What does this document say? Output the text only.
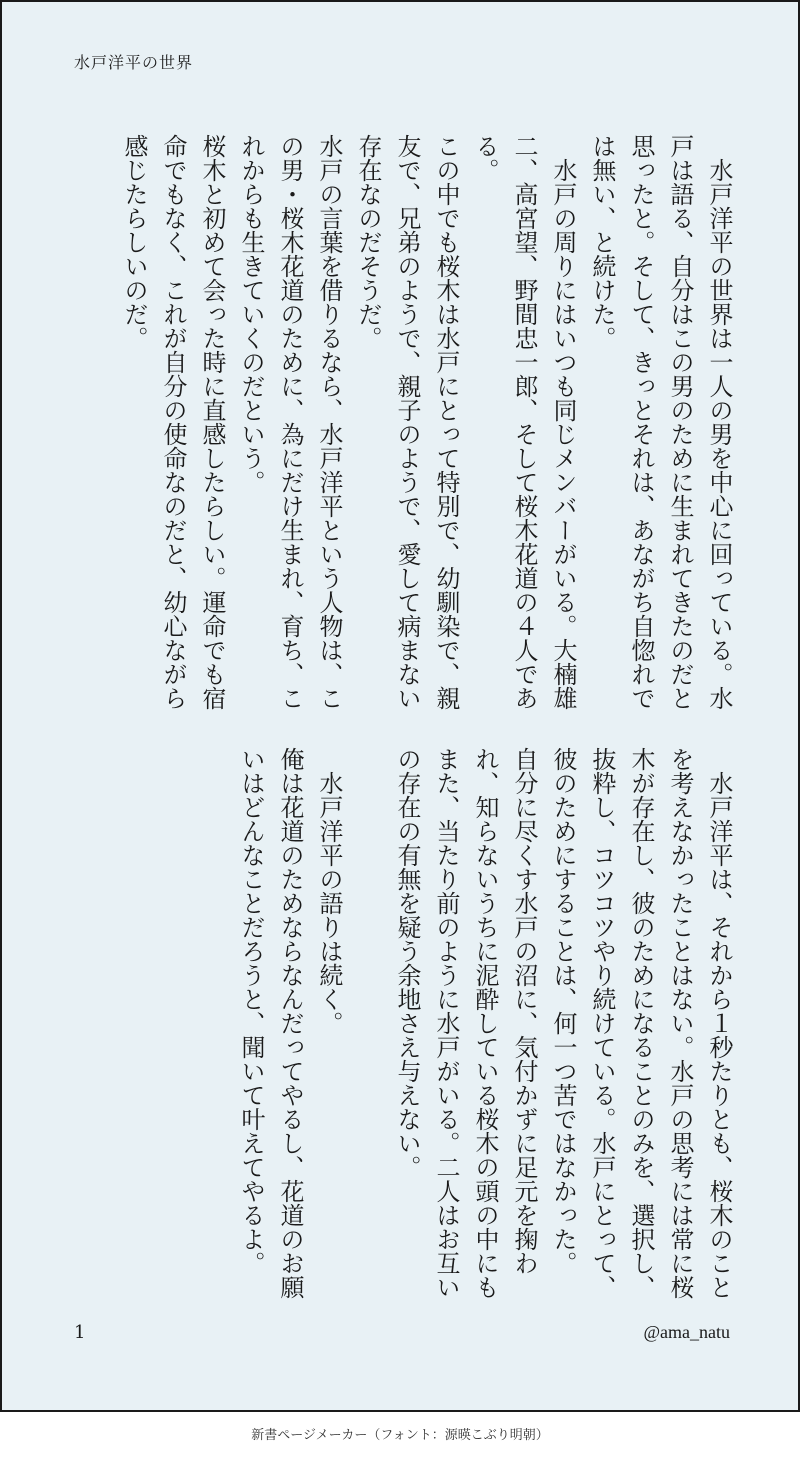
水戸洋平の世界

水戸洋平の世界は一人の男を中心に回っている。水戸は語る、自分はこの男のために生まれてきたのだと思ったと。そして、きっとそれは、あながち自惚れでは無い、と続けた。

水戸の周りにはいつも同じメンバーがいる。大楠雄二、高宮望、野間忠一郎、そして桜木花道の４人である。

この中でも桜木は水戸にとって特別で、幼馴染で、親友で、兄弟のようで、親子のようで、愛して病まない存在なのだそうだ。

水戸の言葉を借りるなら、水戸洋平という人物は、この男・桜木花道のために、為にだけ生まれ、育ち、これからも生きていくのだという。

桜木と初めて会った時に直感したらしい。運命でも宿命でもなく、これが自分の使命なのだと、幼心ながら感じたらしいのだ。

水戸洋平は、それから１秒たりとも、桜木のことを考えなかったことはない。水戸の思考には常に桜木が存在し、彼のためになることのみを、選択し、抜粋し、コツコツやり続けている。水戸にとって、彼のためにすることは、何一つ苦ではなかった。

自分に尽くす水戸の沼に、気付かずに足元を掬われ、知らないうちに泥酔している桜木の頭の中にもまた、当たり前のように水戸がいる。二人はお互いの存在の有無を疑う余地さえ与えない。

水戸洋平の語りは続く。

俺は花道のためならなんだってやるし、花道のお願いはどんなことだろうと、聞いて叶えてやるよ。

1	@ama_natu
新書ページメーカー（フォント：源暎こぶり明朝）
